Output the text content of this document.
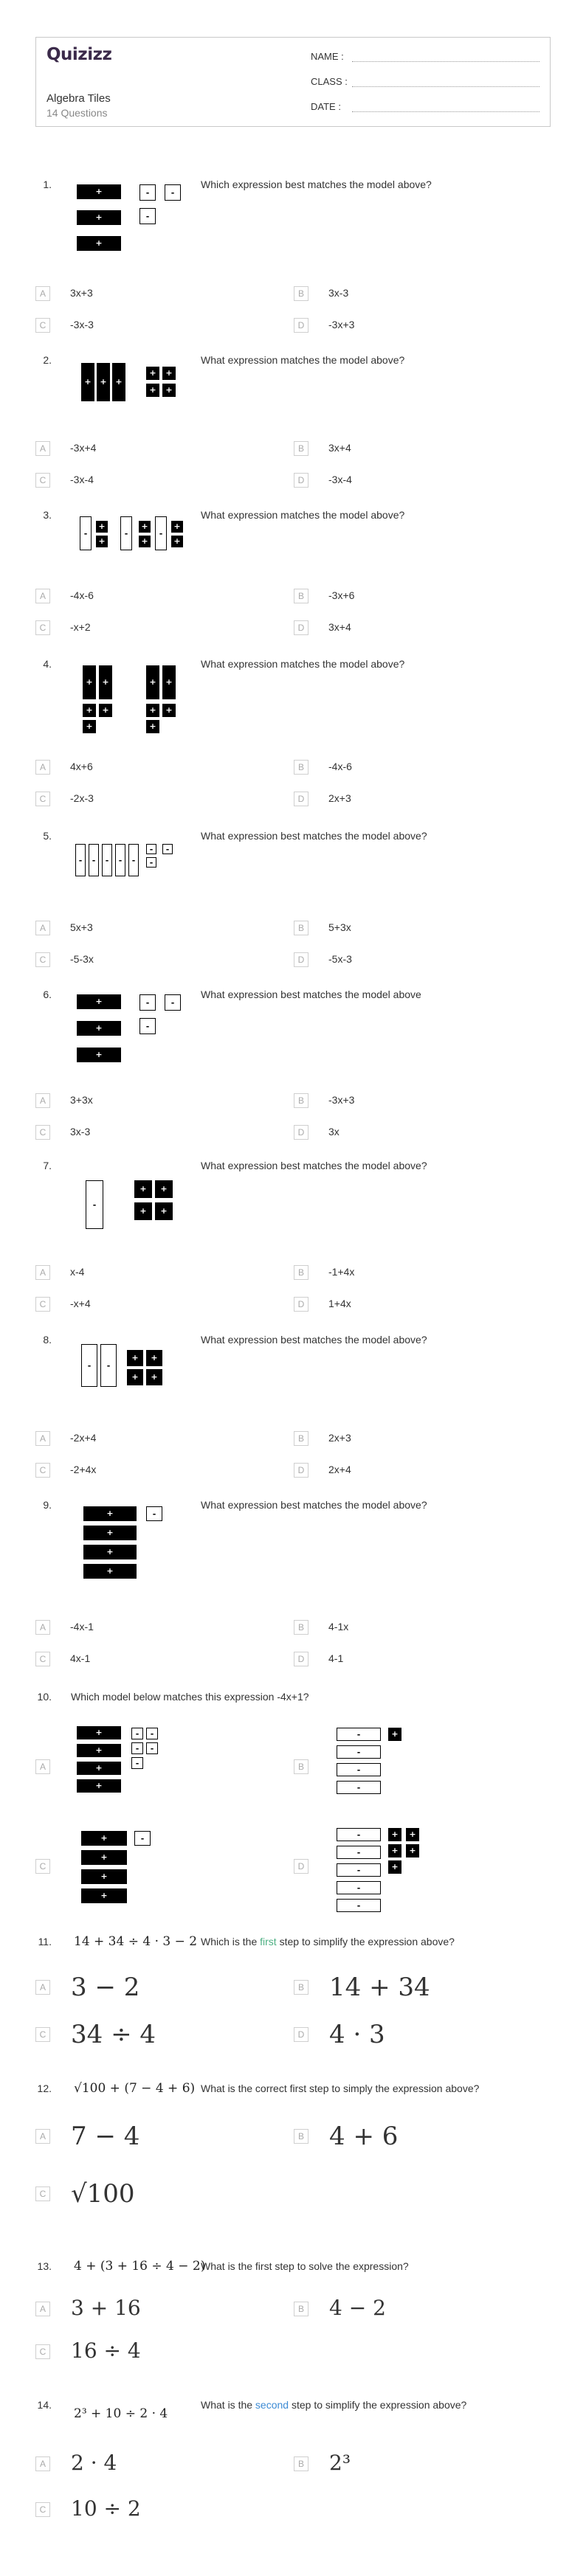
Quizizz
Algebra Tiles
14 Questions
NAME :
CLASS :
DATE :
1.	Which expression best matches the model above?
+
+
+
-	-
-
A	3x+3	B	3x-3
C	-3x-3	D	-3x+3
2.	What expression matches the model above?
+	+	+
+	+
+	+
A	-3x+4	B	3x+4
C	-3x-4	D	-3x-4
3.	What expression matches the model above?
-
+
+
-
+
+
-
+
+
A	-4x-6	B	-3x+6
C	-x+2	D	3x+4
4.	What expression matches the model above?
+	+
+	+
+
+	+
+	+
+
A	4x+6	B	-4x-6
C	-2x-3	D	2x+3
5.	What expression best matches the model above?
-	-	-	-	-
-	-
-
A	5x+3	B	5+3x
C	-5-3x	D	-5x-3
6.	What expression best matches the model above
+
+
+
-	-
-
A	3+3x	B	-3x+3
C	3x-3	D	3x
7.	What expression best matches the model above?
-
+	+
+	+
A	x-4	B	-1+4x
C	-x+4	D	1+4x
8.	What expression best matches the model above?
-	-
+	+
+	+
A	-2x+4	B	2x+3
C	-2+4x	D	2x+4
9.	What expression best matches the model above?
+
+
+
+
-
A	-4x-1	B	4-1x
C	4x-1	D	4-1
10. Which model below matches this expression -4x+1?
A
+
+
+
+
-	-
-	-
-	B
-
-
-
-
+
C
+
+
+
+
-
D
-
-
-
-
-
+	+
+	+
+
11.	Which is the first step to simplify the expression above?
14 + 34 ÷ 4 · 3 − 2
A 3 − 2	B 14 + 34
C 34 ÷ 4	D 4 · 3
12.	What is the correct first step to simply the expression above?
√100 + (7 − 4 + 6)
A 7 − 4	B 4 + 6
C √100
13.	What is the first step to solve the expression?
4 + (3 + 16 ÷ 4 − 2)
A 3 + 16	B 4 − 2
C 16 ÷ 4
14.	What is the second step to simplify the expression above?
2³ + 10 ÷ 2 · 4
A 2 · 4	B 2³
C 10 ÷ 2
